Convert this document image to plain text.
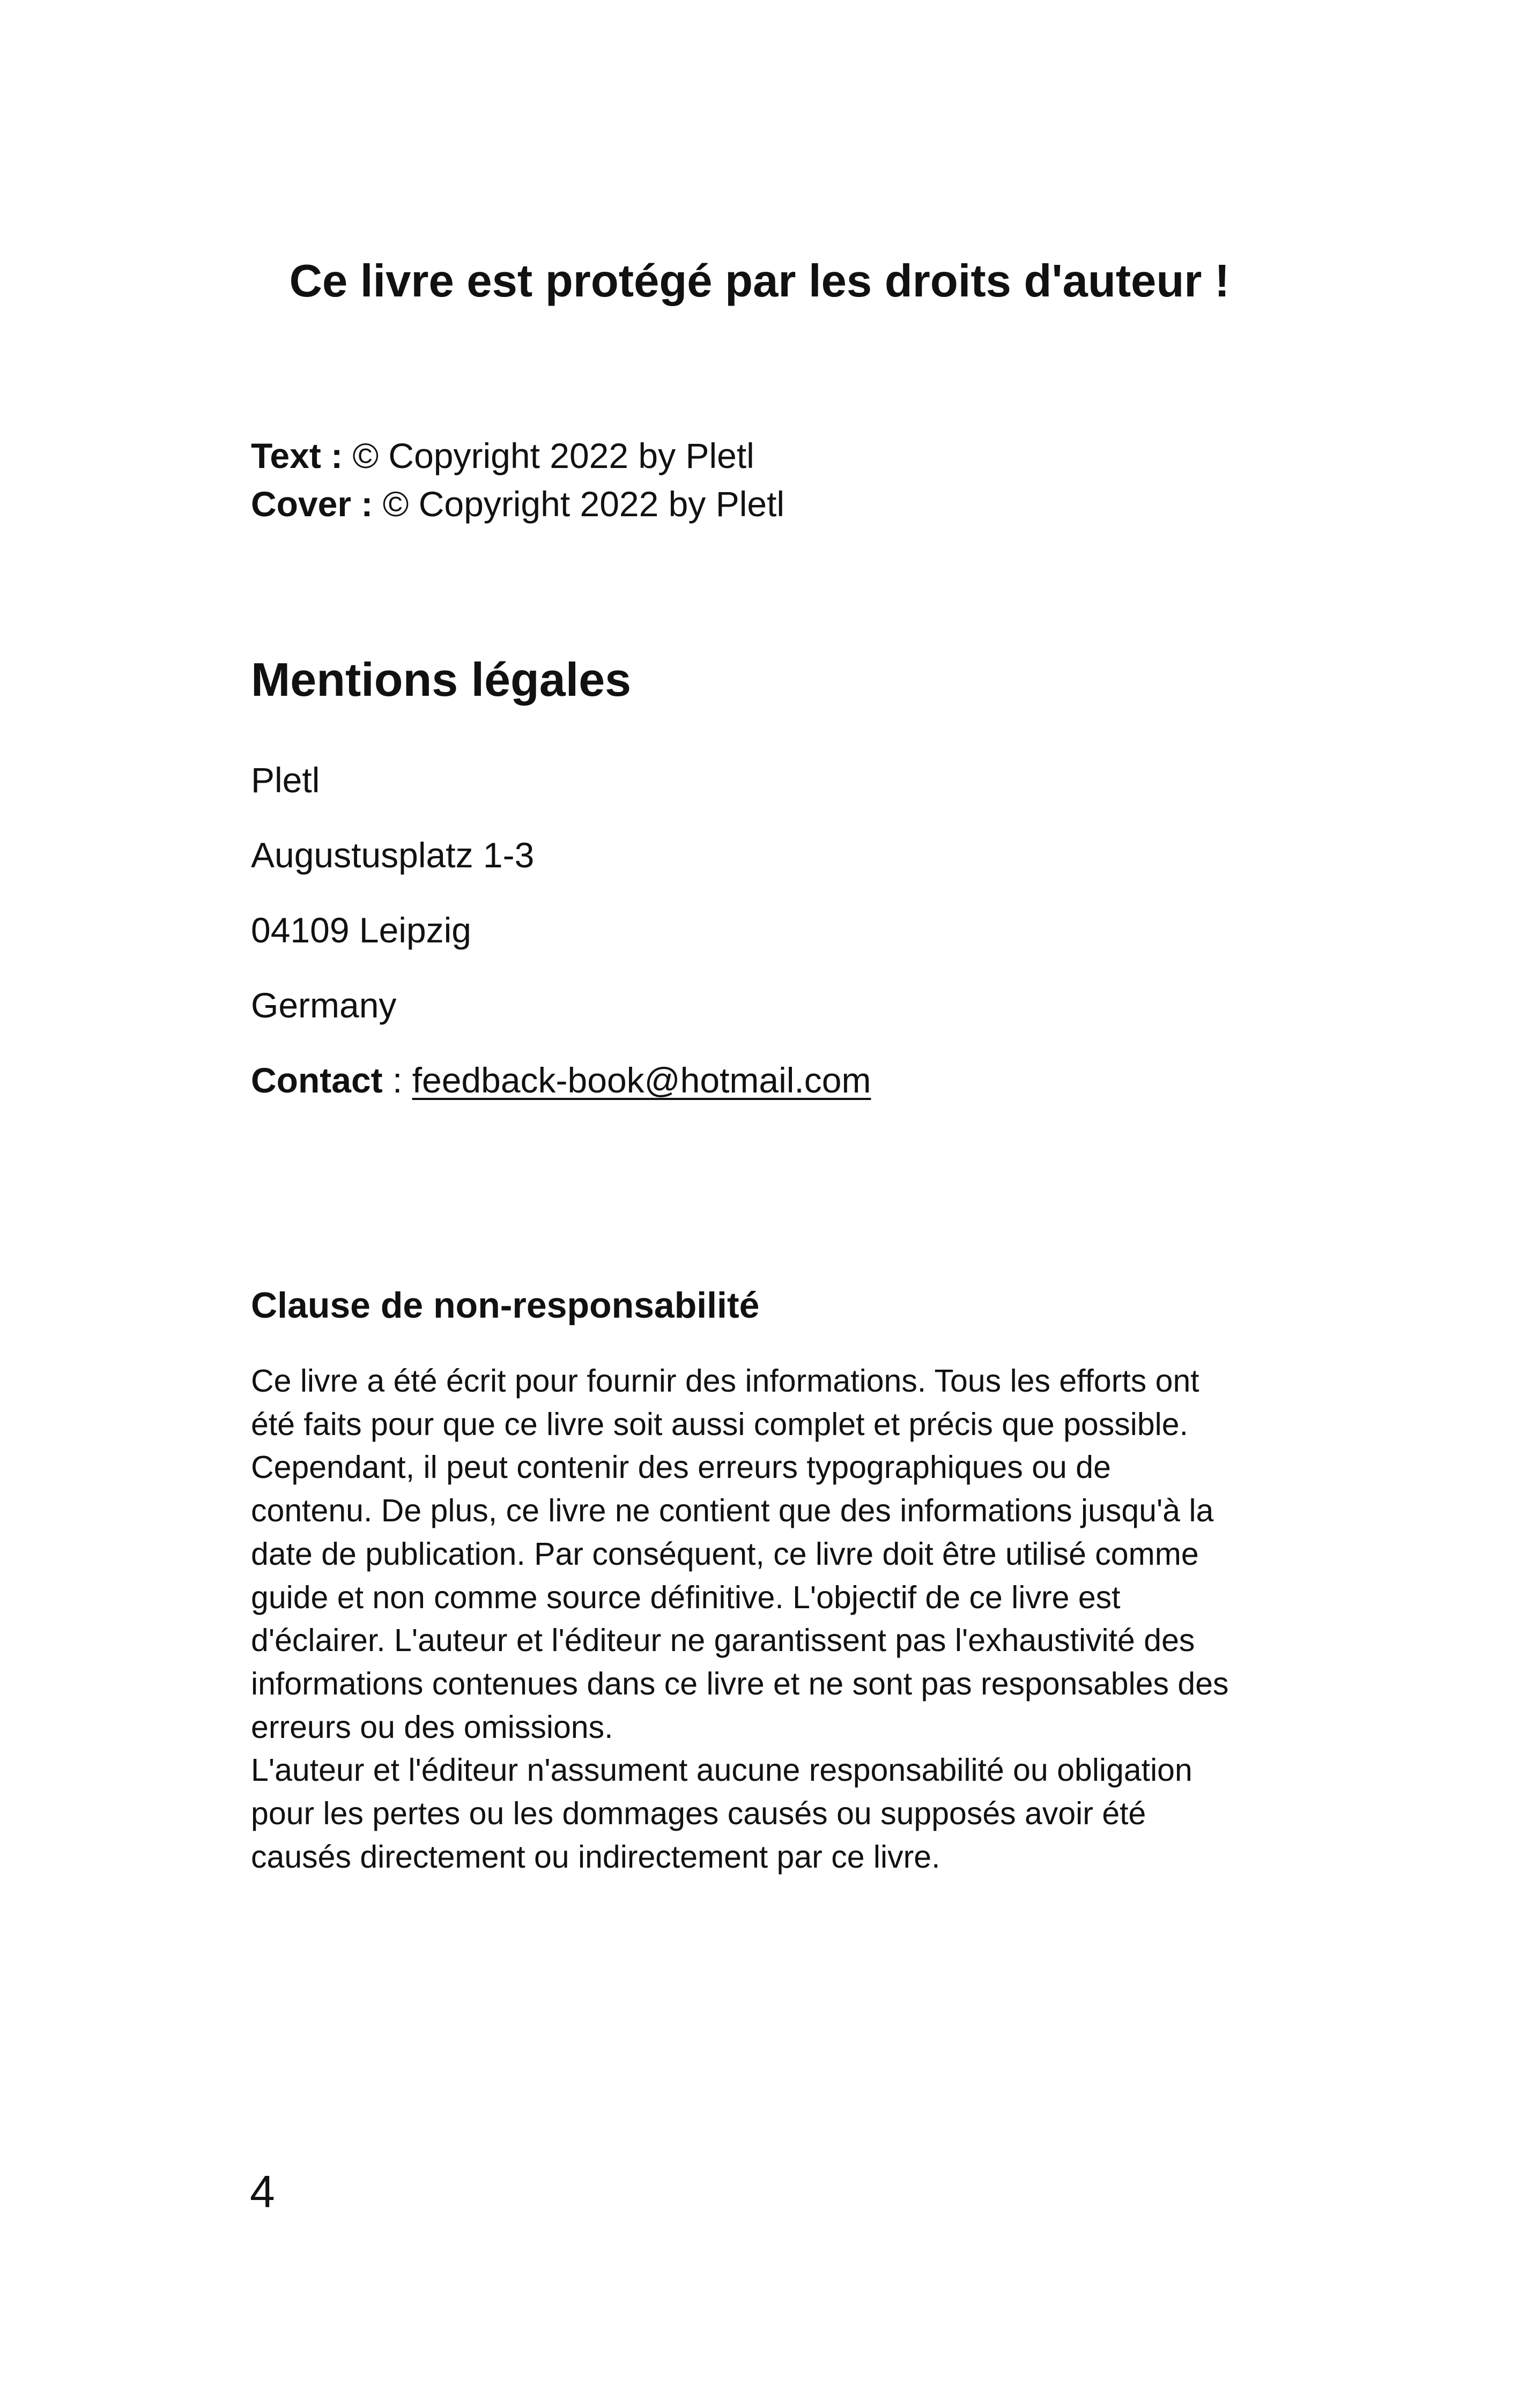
Ce livre est protégé par les droits d'auteur !
Text : © Copyright 2022 by Pletl
Cover : © Copyright 2022 by Pletl
Mentions légales
Pletl
Augustusplatz 1-3
04109 Leipzig
Germany
Contact : feedback-book@hotmail.com
Clause de non-responsabilité
Ce livre a été écrit pour fournir des informations. Tous les efforts ont
été faits pour que ce livre soit aussi complet et précis que possible.
Cependant, il peut contenir des erreurs typographiques ou de
contenu. De plus, ce livre ne contient que des informations jusqu'à la
date de publication. Par conséquent, ce livre doit être utilisé comme
guide et non comme source définitive. L'objectif de ce livre est
d'éclairer. L'auteur et l'éditeur ne garantissent pas l'exhaustivité des
informations contenues dans ce livre et ne sont pas responsables des
erreurs ou des omissions.
L'auteur et l'éditeur n'assument aucune responsabilité ou obligation
pour les pertes ou les dommages causés ou supposés avoir été
causés directement ou indirectement par ce livre.
4
